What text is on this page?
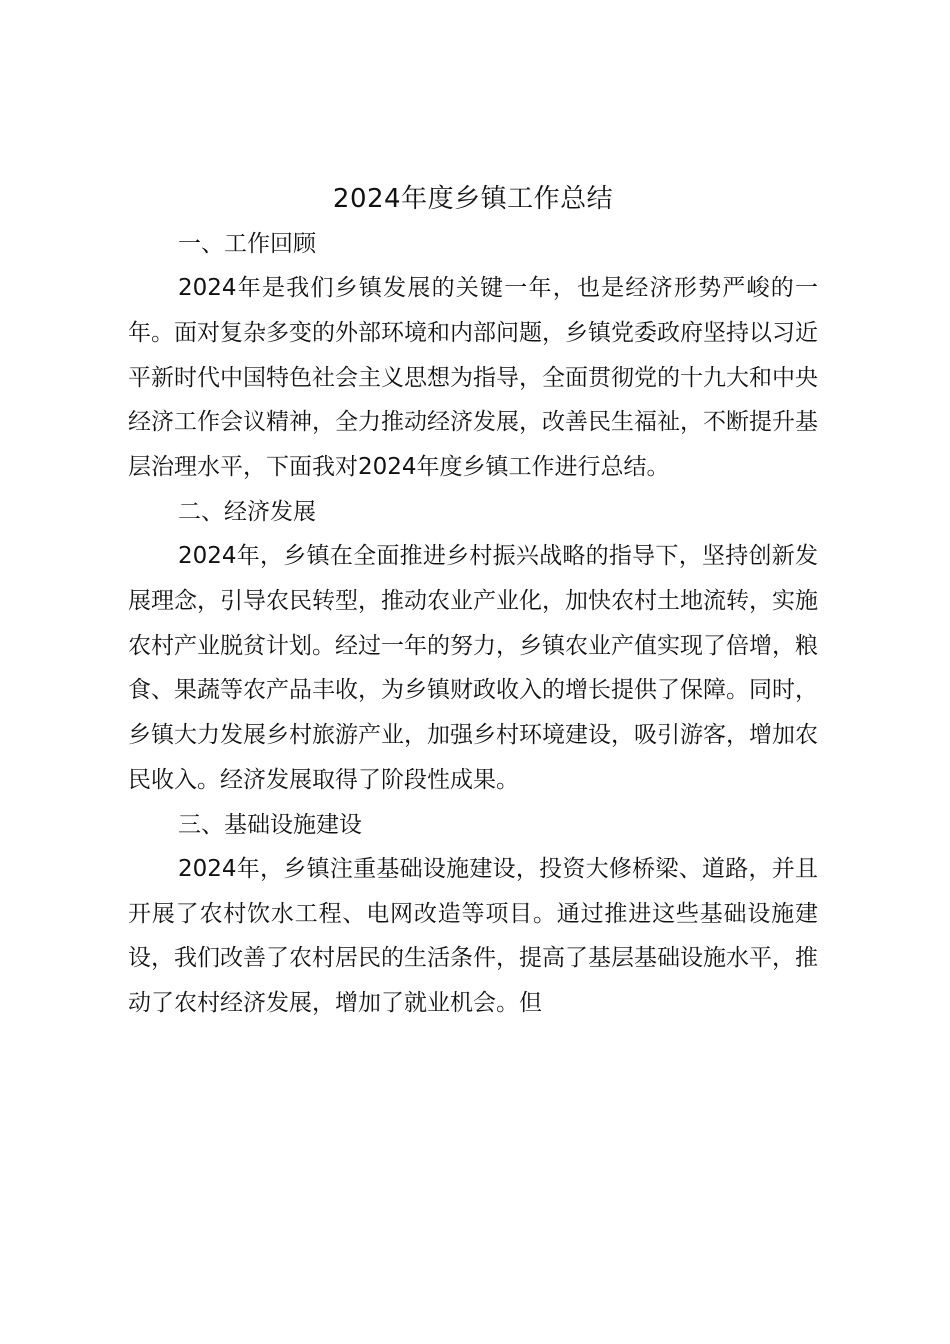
2024年度乡镇工作总结

一、工作回顾

2024年是我们乡镇发展的关键一年，也是经济形势严峻的一年。面对复杂多变的外部环境和内部问题，乡镇党委政府坚持以习近平新时代中国特色社会主义思想为指导，全面贯彻党的十九大和中央经济工作会议精神，全力推动经济发展，改善民生福祉，不断提升基层治理水平，下面我对2024年度乡镇工作进行总结。

二、经济发展

2024年，乡镇在全面推进乡村振兴战略的指导下，坚持创新发展理念，引导农民转型，推动农业产业化，加快农村土地流转，实施农村产业脱贫计划。经过一年的努力，乡镇农业产值实现了倍增，粮食、果蔬等农产品丰收，为乡镇财政收入的增长提供了保障。同时，乡镇大力发展乡村旅游产业，加强乡村环境建设，吸引游客，增加农民收入。经济发展取得了阶段性成果。

三、基础设施建设

2024年，乡镇注重基础设施建设，投资大修桥梁、道路，并且开展了农村饮水工程、电网改造等项目。通过推进这些基础设施建设，我们改善了农村居民的生活条件，提高了基层基础设施水平，推动了农村经济发展，增加了就业机会。但
